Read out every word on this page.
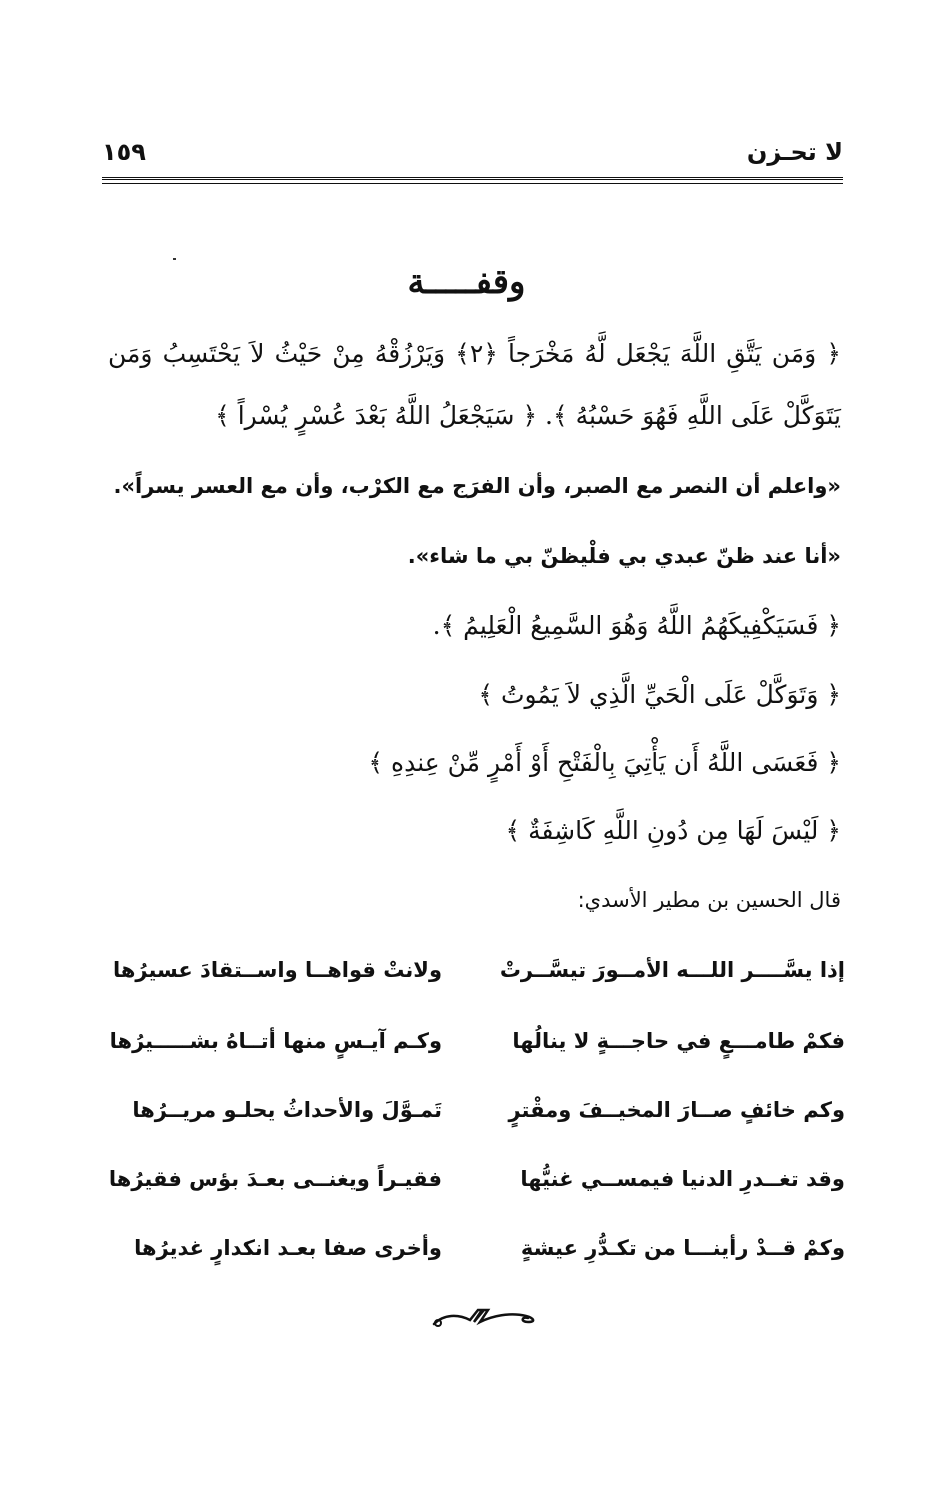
لا تحـزن
١٥٩
وقفـــــة
﴿ وَمَن يَتَّقِ اللَّهَ يَجْعَل لَّهُ مَخْرَجاً ﴿٢﴾ وَيَرْزُقْهُ مِنْ حَيْثُ لاَ يَحْتَسِبُ وَمَن
يَتَوَكَّلْ عَلَى اللَّهِ فَهُوَ حَسْبُهُ ﴾. ﴿ سَيَجْعَلُ اللَّهُ بَعْدَ عُسْرٍ يُسْراً ﴾
«واعلم أن النصر مع الصبر، وأن الفرَج مع الكرْب، وأن مع العسر يسراً».
«أنا عند ظنّ عبدي بي فلْيظنّ بي ما شاء».
﴿ فَسَيَكْفِيكَهُمُ اللَّهُ وَهُوَ السَّمِيعُ الْعَلِيمُ ﴾.
﴿ وَتَوَكَّلْ عَلَى الْحَيِّ الَّذِي لاَ يَمُوتُ ﴾
﴿ فَعَسَى اللَّهُ أَن يَأْتِيَ بِالْفَتْحِ أَوْ أَمْرٍ مِّنْ عِندِهِ ﴾
﴿ لَيْسَ لَهَا مِن دُونِ اللَّهِ كَاشِفَةٌ ﴾
قال الحسين بن مطير الأسدي:
إذا يسَّــــر اللـــه الأمــورَ تيسَّــرتْ
ولانتْ قواهــا واســتقادَ عسيرُها
فكمْ طامـــعٍ في حاجـــةٍ لا ينالُها
وكـم آيـسٍ منها أتــاهُ بشـــــيرُها
وكم خائفٍ صــارَ المخيــفَ ومقْترٍ
تَمـوَّلَ والأحداثُ يحلـو مريــرُها
وقد تغــدرِ الدنيا فيمســي غنيُّها
فقيـراً ويغنــى بعـدَ بؤس فقيرُها
وكمْ قــدْ رأينـــا من تكـدُّرِ عيشةٍ
وأخرى صفا بعـد انكدارٍ غديرُها
